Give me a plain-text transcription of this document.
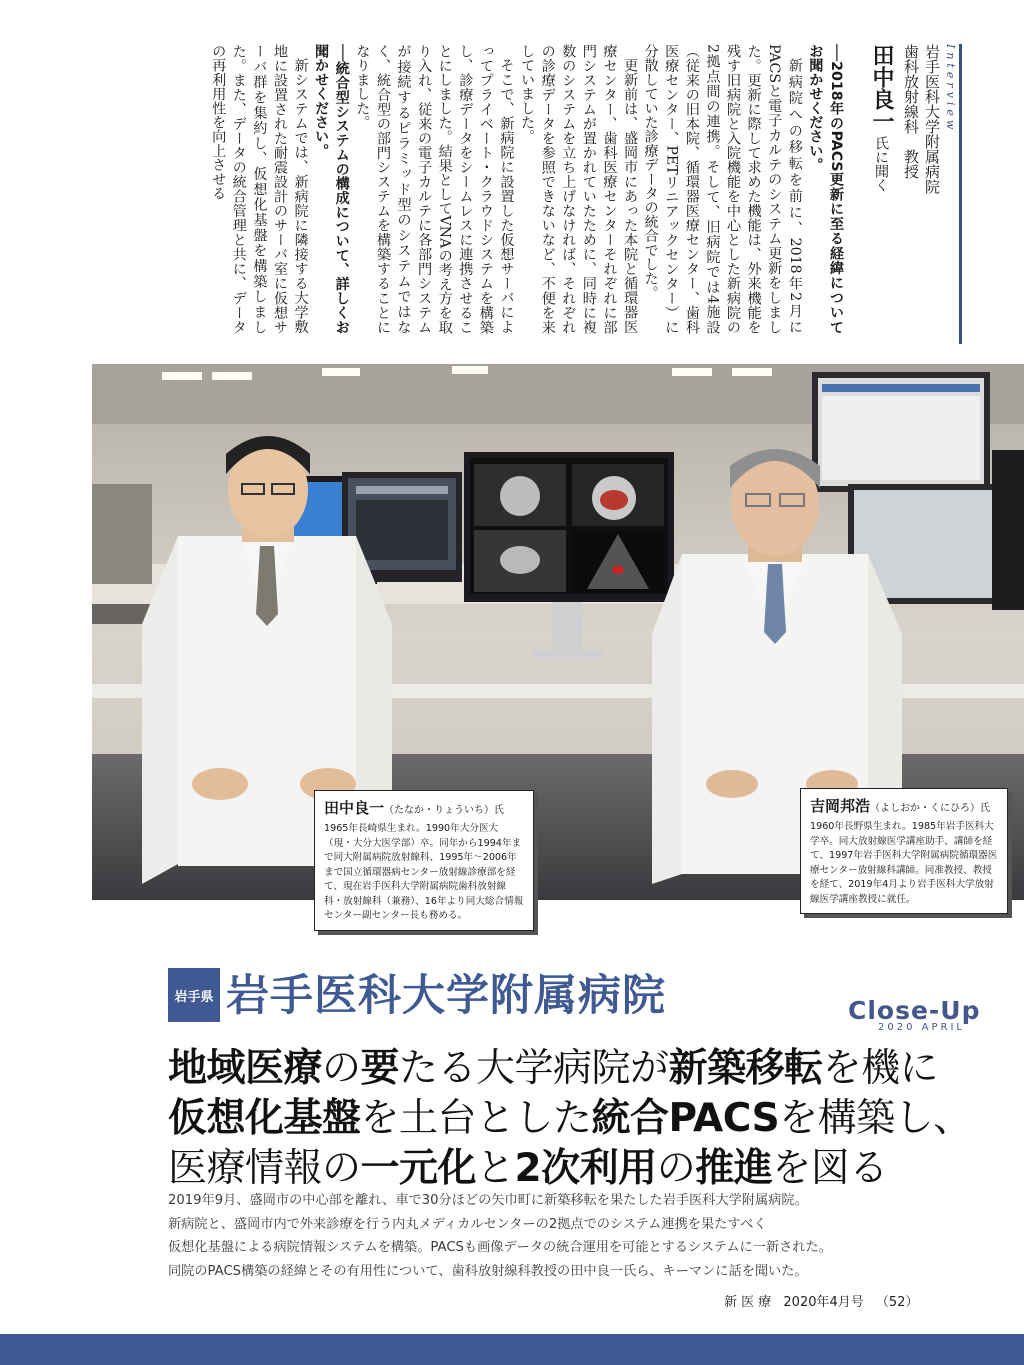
Interview
岩手医科大学附属病院
歯科放射線科　教授
田中良一氏に聞く

──2018年のPACS更新に至る経緯についてお聞かせください。

新病院への移転を前に、2018年2月にPACSと電子カルテのシステム更新をしました。更新に際して求めた機能は、外来機能を残す旧病院と入院機能を中心とした新病院の2拠点間の連携。そして、旧病院では4施設（従来の旧本院、循環器医療センター、歯科医療センター、PETリニアックセンター）に分散していた診療データの統合でした。

更新前は、盛岡市にあった本院と循環器医療センター、歯科医療センターそれぞれに部門システムが置かれていたために、同時に複数のシステムを立ち上げなければ、それぞれの診療データを参照できないなど、不便を来していました。

そこで、新病院に設置した仮想サーバによってプライベート・クラウドシステムを構築し、診療データをシームレスに連携させることにしました。結果としてVNAの考え方を取り入れ、従来の電子カルテに各部門システムが接続するピラミッド型のシステムではなく、統合型の部門システムを構築することになりました。

──統合型システムの構成について、詳しくお聞かせください。

新システムでは、新病院に隣接する大学敷地に設置された耐震設計のサーバ室に仮想サーバ群を集約し、仮想化基盤を構築しました。また、データの統合管理と共に、データの再利用性を向上させる

田中良一（たなか・りょういち）氏
1965年長崎県生まれ。1990年大分医大（現・大分大医学部）卒。同年から1994年まで同大附属病院放射線科、1995年～2006年まで国立循環器病センター放射線診療部を経て、現在岩手医科大学附属病院歯科放射線科・放射線科（兼務）、16年より同大総合情報センター副センター長も務める。
吉岡邦浩（よしおか・くにひろ）氏
1960年長野県生まれ。1985年岩手医科大学卒。同大放射線医学講座助手、講師を経て、1997年岩手医科大学附属病院循環器医療センター放射線科講師。同准教授、教授を経て、2019年4月より岩手医科大学放射線医学講座教授に就任。
岩手県 岩手医科大学附属病院	Close-Up
2020 APRIL
地域医療の要たる大学病院が新築移転を機に
仮想化基盤を土台とした統合PACSを構築し、
医療情報の一元化と2次利用の推進を図る

2019年9月、盛岡市の中心部を離れ、車で30分ほどの矢巾町に新築移転を果たした岩手医科大学附属病院。

新病院と、盛岡市内で外来診療を行う内丸メディカルセンターの2拠点でのシステム連携を果たすべく

仮想化基盤による病院情報システムを構築。PACSも画像データの統合運用を可能とするシステムに一新された。

同院のPACS構築の経緯とその有用性について、歯科放射線科教授の田中良一氏ら、キーマンに話を聞いた。

新 医 療 2020年4月号 （52）
